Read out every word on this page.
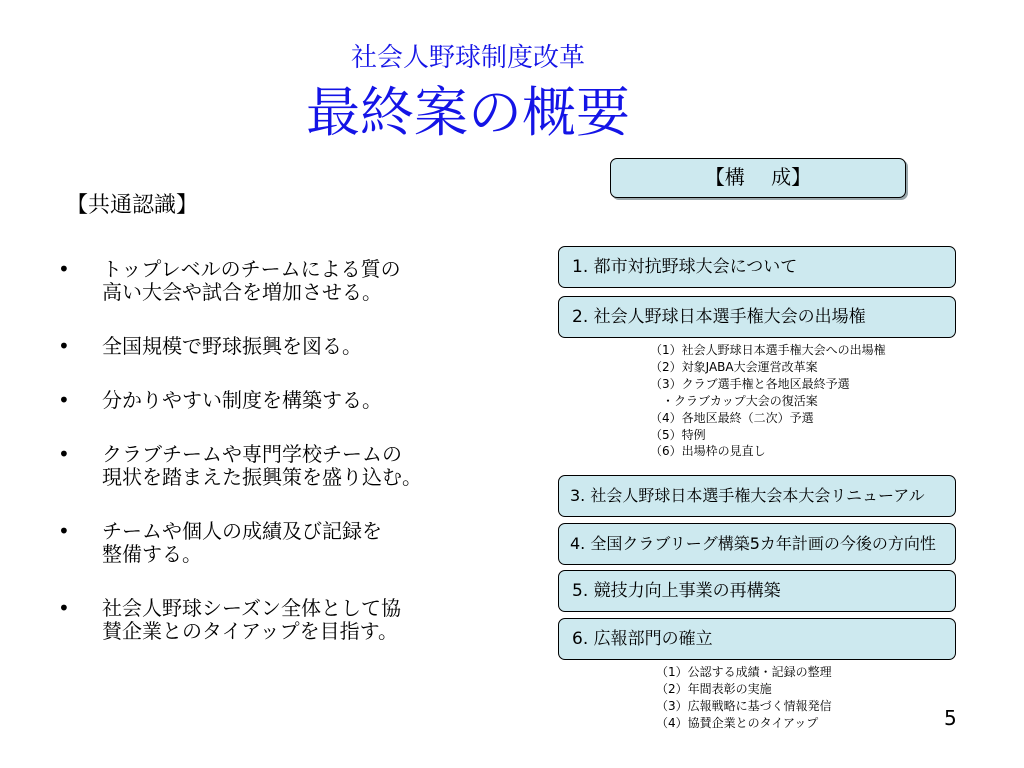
社会人野球制度改革
最終案の概要
【共通認識】
• トップレベルのチームによる質の
高い大会や試合を増加させる。
• 全国規模で野球振興を図る。
• 分かりやすい制度を構築する。
• クラブチームや専門学校チームの
現状を踏まえた振興策を盛り込む。
• チームや個人の成績及び記録を
整備する。
• 社会人野球シーズン全体として協
賛企業とのタイアップを目指す。
【構　 成】
1. 都市対抗野球大会について
2. 社会人野球日本選手権大会の出場権
（1）社会人野球日本選手権大会への出場権
（2）対象JABA大会運営改革案
（3）クラブ選手権と各地区最終予選
　・クラブカップ大会の復活案
（4）各地区最終（二次）予選
（5）特例
（6）出場枠の見直し
3. 社会人野球日本選手権大会本大会リニューアル
4. 全国クラブリーグ構築5カ年計画の今後の方向性
5. 競技力向上事業の再構築
6. 広報部門の確立
（1）公認する成績・記録の整理
（2）年間表彰の実施
（3）広報戦略に基づく情報発信
（4）協賛企業とのタイアップ	5
